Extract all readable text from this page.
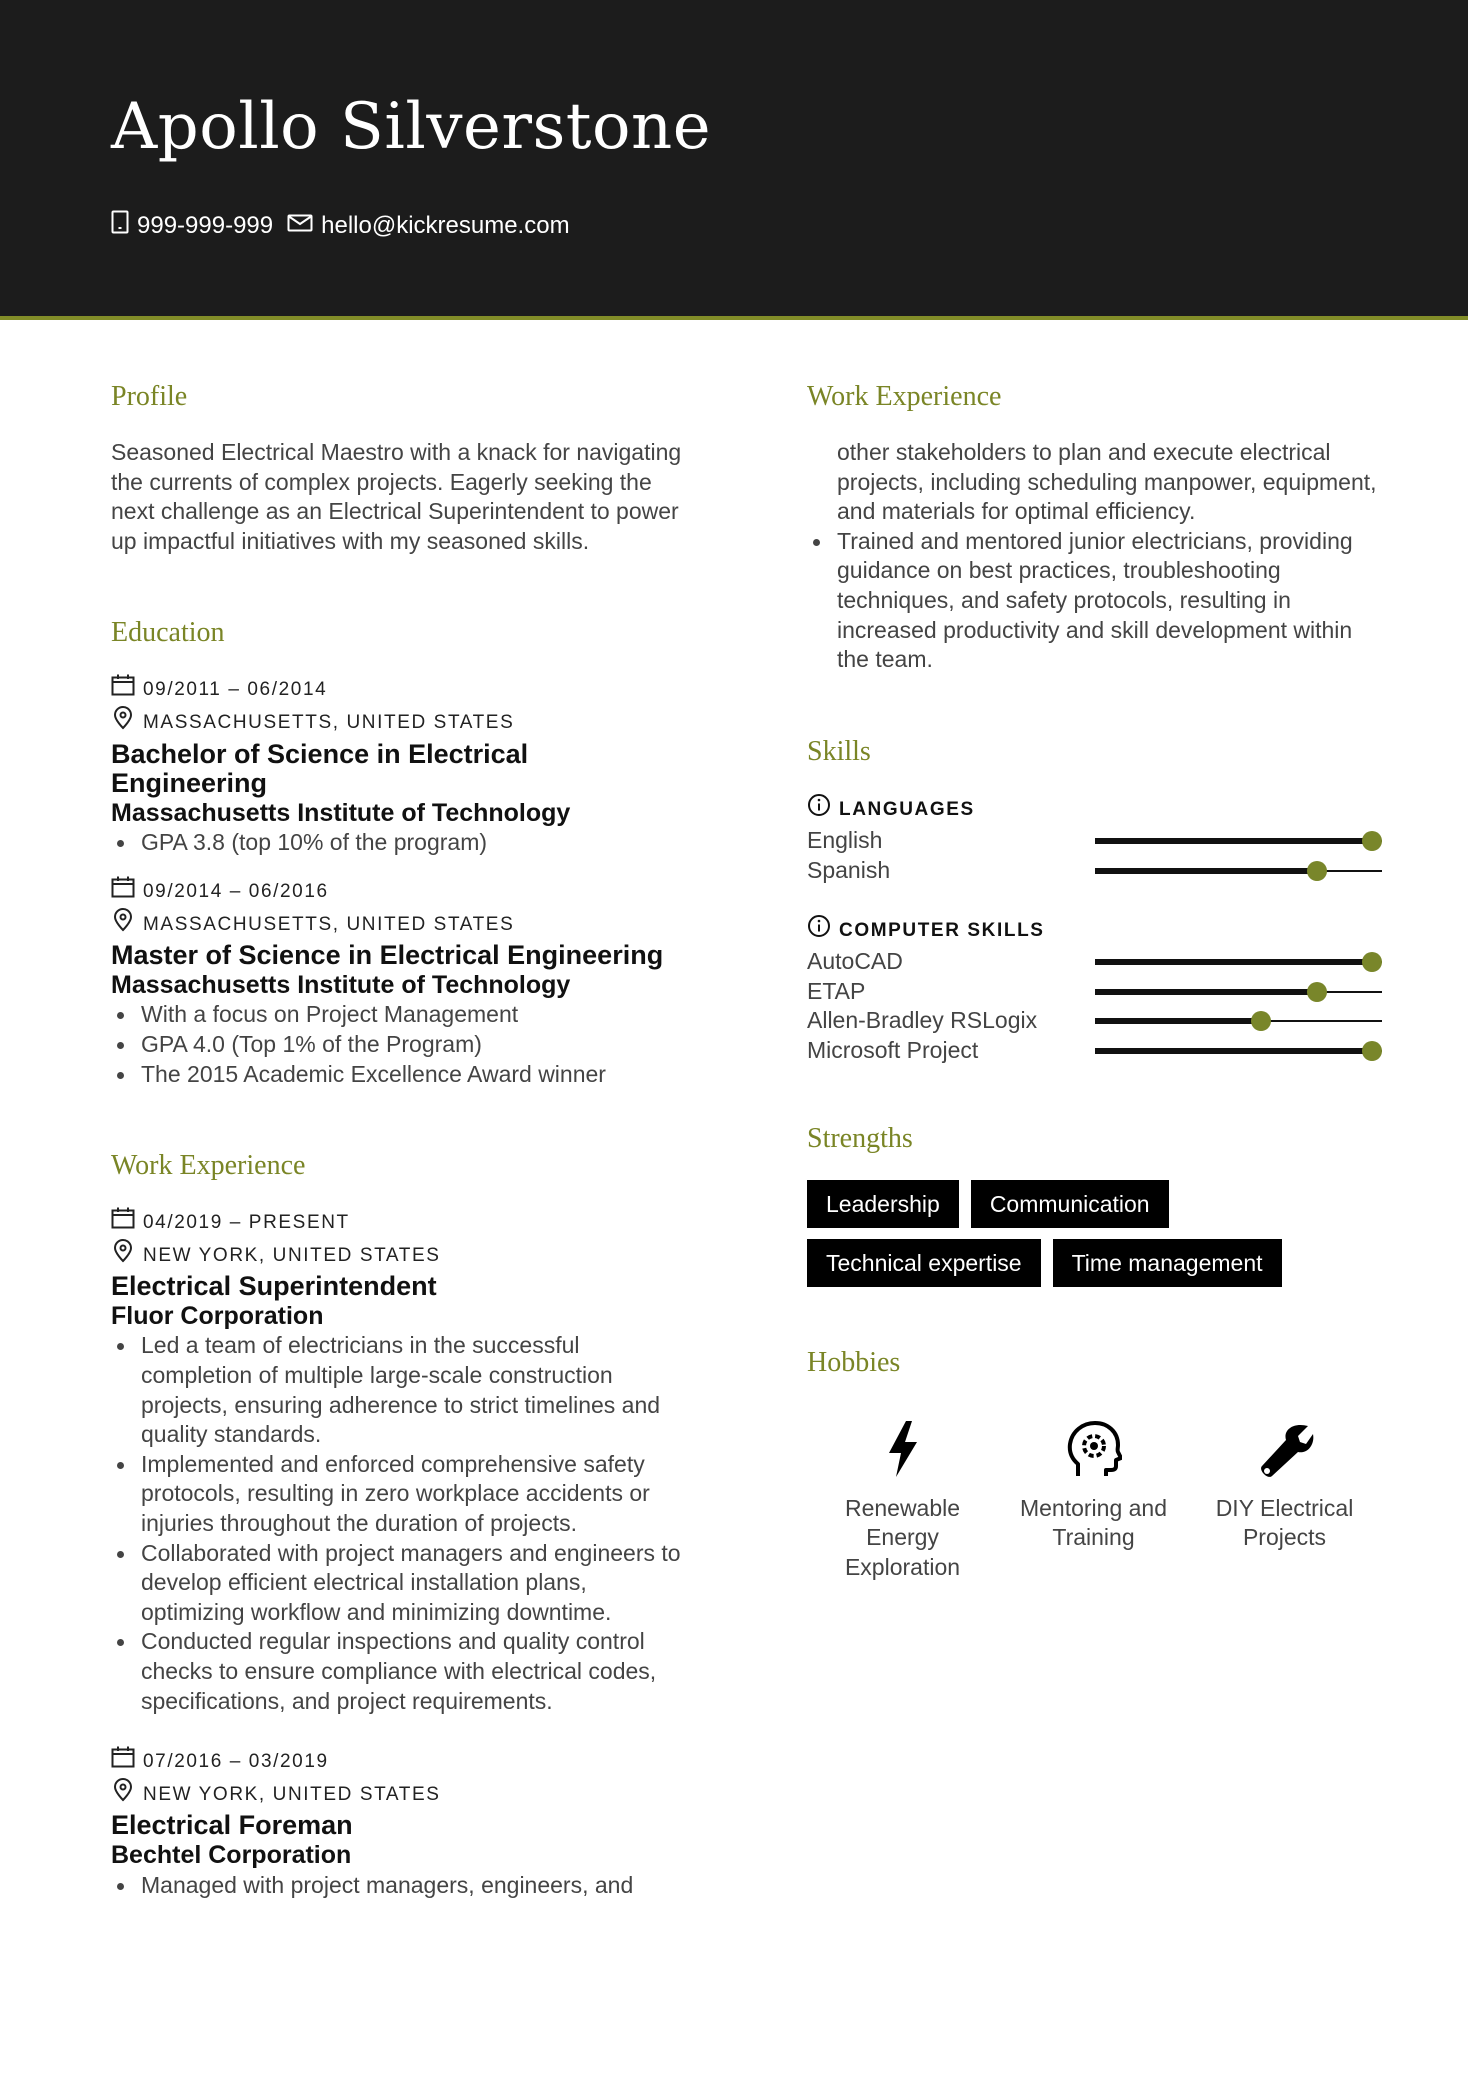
Apollo Silverstone
999-999-999 hello@kickresume.com
Profile
Seasoned Electrical Maestro with a knack for navigating the currents of complex projects. Eagerly seeking the next challenge as an Electrical Superintendent to power up impactful initiatives with my seasoned skills.
Education
09/2011 – 06/2014
MASSACHUSETTS, UNITED STATES
Bachelor of Science in Electrical Engineering
Massachusetts Institute of Technology
GPA 3.8 (top 10% of the program)
09/2014 – 06/2016
MASSACHUSETTS, UNITED STATES
Master of Science in Electrical Engineering
Massachusetts Institute of Technology
With a focus on Project Management
GPA 4.0 (Top 1% of the Program)
The 2015 Academic Excellence Award winner
Work Experience
04/2019 – PRESENT
NEW YORK, UNITED STATES
Electrical Superintendent
Fluor Corporation
Led a team of electricians in the successful completion of multiple large-scale construction projects, ensuring adherence to strict timelines and quality standards.
Implemented and enforced comprehensive safety protocols, resulting in zero workplace accidents or injuries throughout the duration of projects.
Collaborated with project managers and engineers to develop efficient electrical installation plans, optimizing workflow and minimizing downtime.
Conducted regular inspections and quality control checks to ensure compliance with electrical codes, specifications, and project requirements.
07/2016 – 03/2019
NEW YORK, UNITED STATES
Electrical Foreman
Bechtel Corporation
Managed with project managers, engineers, and
Work Experience
other stakeholders to plan and execute electrical projects, including scheduling manpower, equipment, and materials for optimal efficiency.
Trained and mentored junior electricians, providing guidance on best practices, troubleshooting techniques, and safety protocols, resulting in increased productivity and skill development within the team.
Skills
LANGUAGES
English
Spanish
COMPUTER SKILLS
AutoCAD
ETAP
Allen-Bradley RSLogix
Microsoft Project
Strengths
Leadership	Communication
Technical expertise	Time management
Hobbies
Renewable Energy Exploration
Mentoring and Training
DIY Electrical Projects
